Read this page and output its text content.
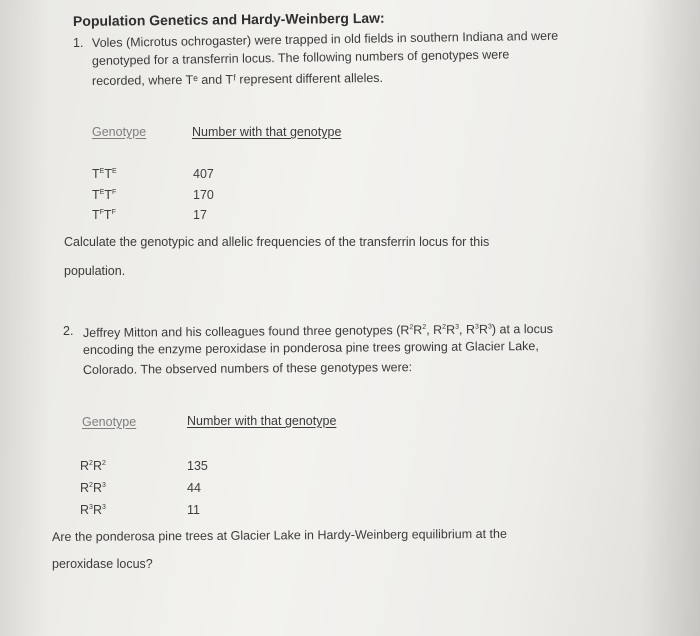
Population Genetics and Hardy-Weinberg Law:
1. Voles (Microtus ochrogaster) were trapped in old fields in southern Indiana and were
genotyped for a transferrin locus. The following numbers of genotypes were
recorded, where Tᵉ and Tᶠ represent different alleles.
Genotype	Number with that genotype
$T^ET^E$	407
$T^ET^F$	170
$T^FT^F$	17
Calculate the genotypic and allelic frequencies of the transferrin locus for this
population.
2. Jeffrey Mitton and his colleagues found three genotypes ($R^2R^2$, $R^2R^3$, $R^3R^3$) at a locus
encoding the enzyme peroxidase in ponderosa pine trees growing at Glacier Lake,
Colorado. The observed numbers of these genotypes were:
Genotype	Number with that genotype
$R^2R^2$	135
$R^2R^3$	44
$R^3R^3$	11
Are the ponderosa pine trees at Glacier Lake in Hardy-Weinberg equilibrium at the
peroxidase locus?
